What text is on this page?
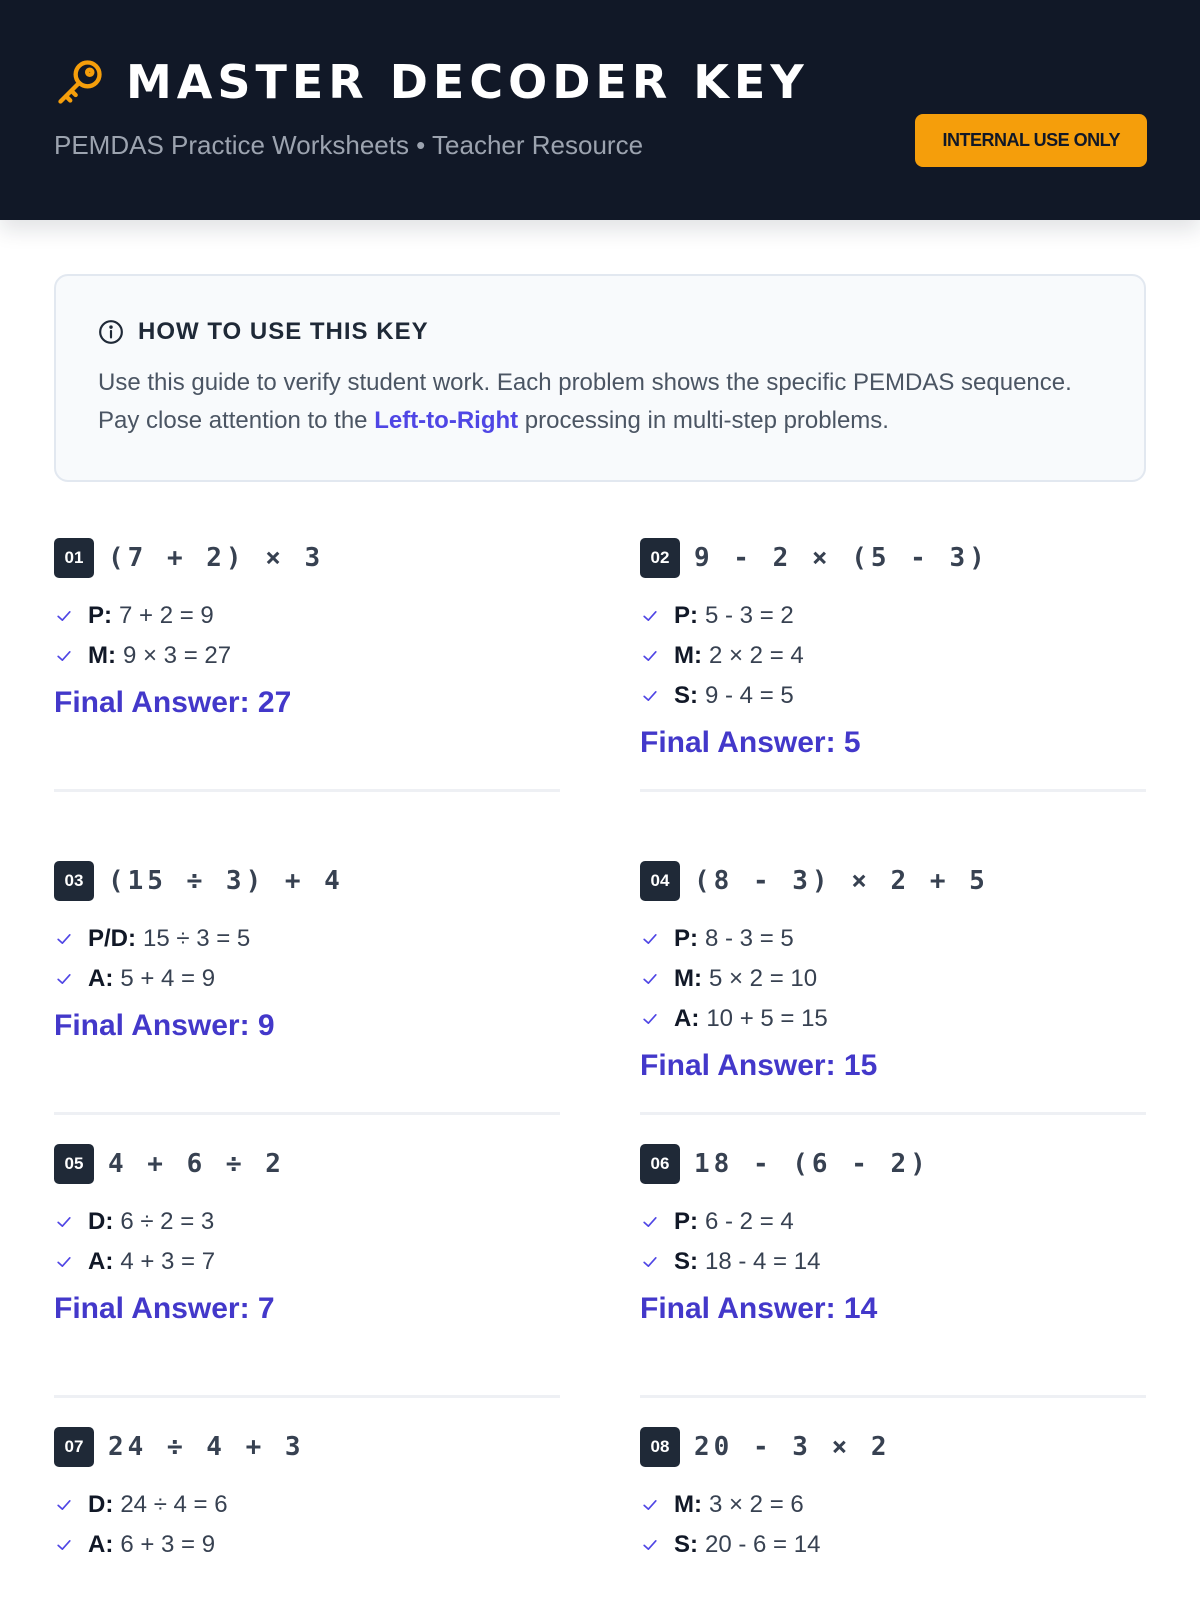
MASTER DECODER KEY
PEMDAS Practice Worksheets • Teacher Resource	INTERNAL USE ONLY
HOW TO USE THIS KEY
Use this guide to verify student work. Each problem shows the specific PEMDAS sequence. Pay close attention to the Left-to-Right processing in multi-step problems.
01 (7 + 2) × 3
P: 7 + 2 = 9
M: 9 × 3 = 27
Final Answer: 27
02 9 - 2 × (5 - 3)
P: 5 - 3 = 2
M: 2 × 2 = 4
S: 9 - 4 = 5
Final Answer: 5
03 (15 ÷ 3) + 4
P/D: 15 ÷ 3 = 5
A: 5 + 4 = 9
Final Answer: 9
04 (8 - 3) × 2 + 5
P: 8 - 3 = 5
M: 5 × 2 = 10
A: 10 + 5 = 15
Final Answer: 15
05 4 + 6 ÷ 2
D: 6 ÷ 2 = 3
A: 4 + 3 = 7
Final Answer: 7
06 18 - (6 - 2)
P: 6 - 2 = 4
S: 18 - 4 = 14
Final Answer: 14
07 24 ÷ 4 + 3
D: 24 ÷ 4 = 6
A: 6 + 3 = 9
08 20 - 3 × 2
M: 3 × 2 = 6
S: 20 - 6 = 14
